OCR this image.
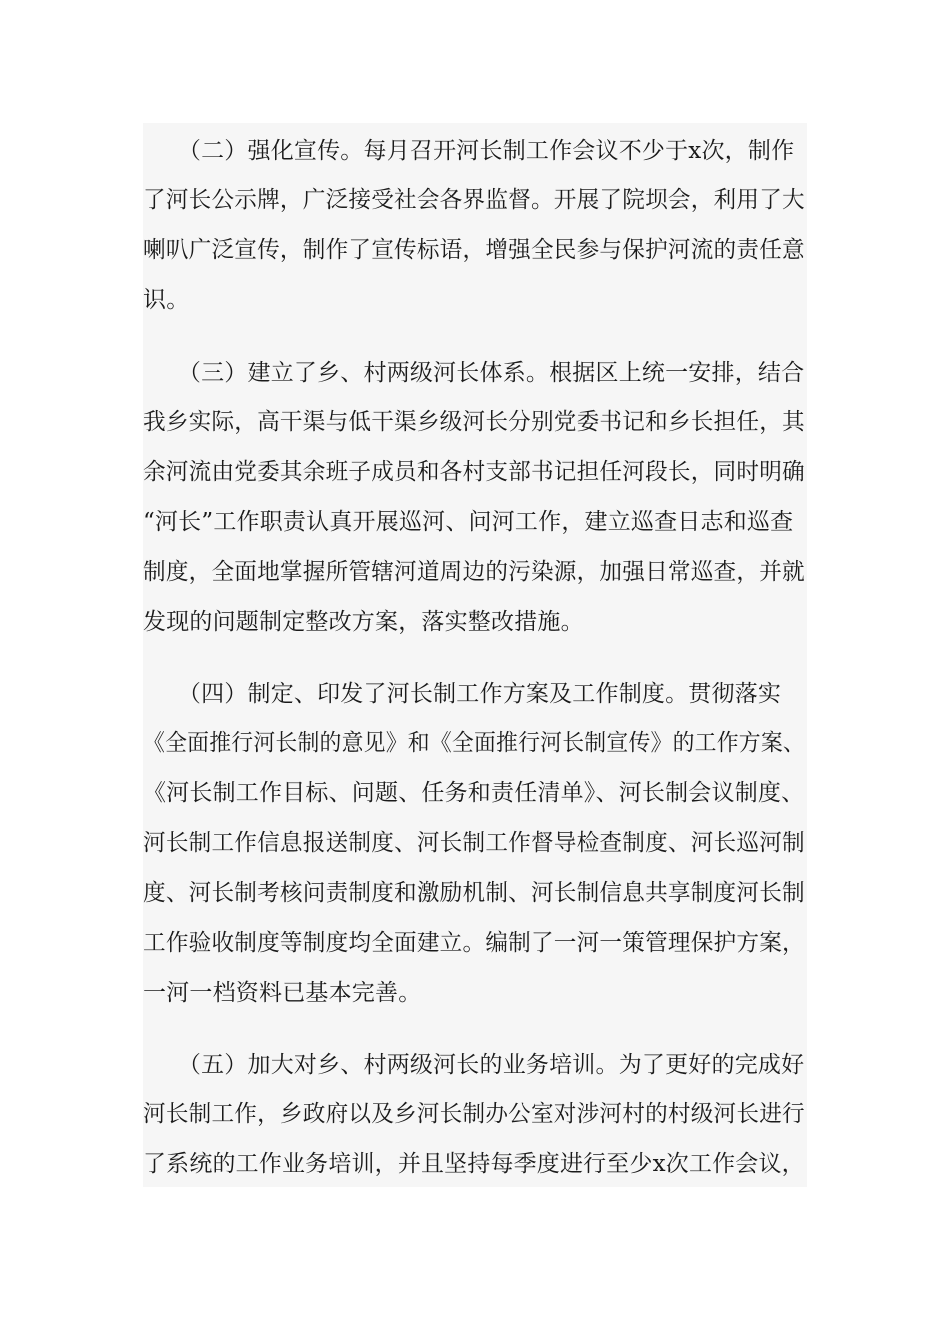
　　（二）强化宣传。每月召开河长制工作会议不少于x次，制作
了河长公示牌，广泛接受社会各界监督。开展了院坝会，利用了大
喇叭广泛宣传，制作了宣传标语，增强全民参与保护河流的责任意
识。
　　（三）建立了乡、村两级河长体系。根据区上统一安排，结合
我乡实际，高干渠与低干渠乡级河长分别党委书记和乡长担任，其
余河流由党委其余班子成员和各村支部书记担任河段长，同时明确
“河长”工作职责认真开展巡河、问河工作，建立巡查日志和巡查
制度，全面地掌握所管辖河道周边的污染源，加强日常巡查，并就
发现的问题制定整改方案，落实整改措施。
　　（四）制定、印发了河长制工作方案及工作制度。贯彻落实
《全面推行河长制的意见》和《全面推行河长制宣传》的工作方案、
《河长制工作目标、问题、任务和责任清单》、河长制会议制度、
河长制工作信息报送制度、河长制工作督导检查制度、河长巡河制
度、河长制考核问责制度和激励机制、河长制信息共享制度河长制
工作验收制度等制度均全面建立。编制了一河一策管理保护方案，
一河一档资料已基本完善。
　　（五）加大对乡、村两级河长的业务培训。为了更好的完成好
河长制工作，乡政府以及乡河长制办公室对涉河村的村级河长进行
了系统的工作业务培训，并且坚持每季度进行至少x次工作会议，
